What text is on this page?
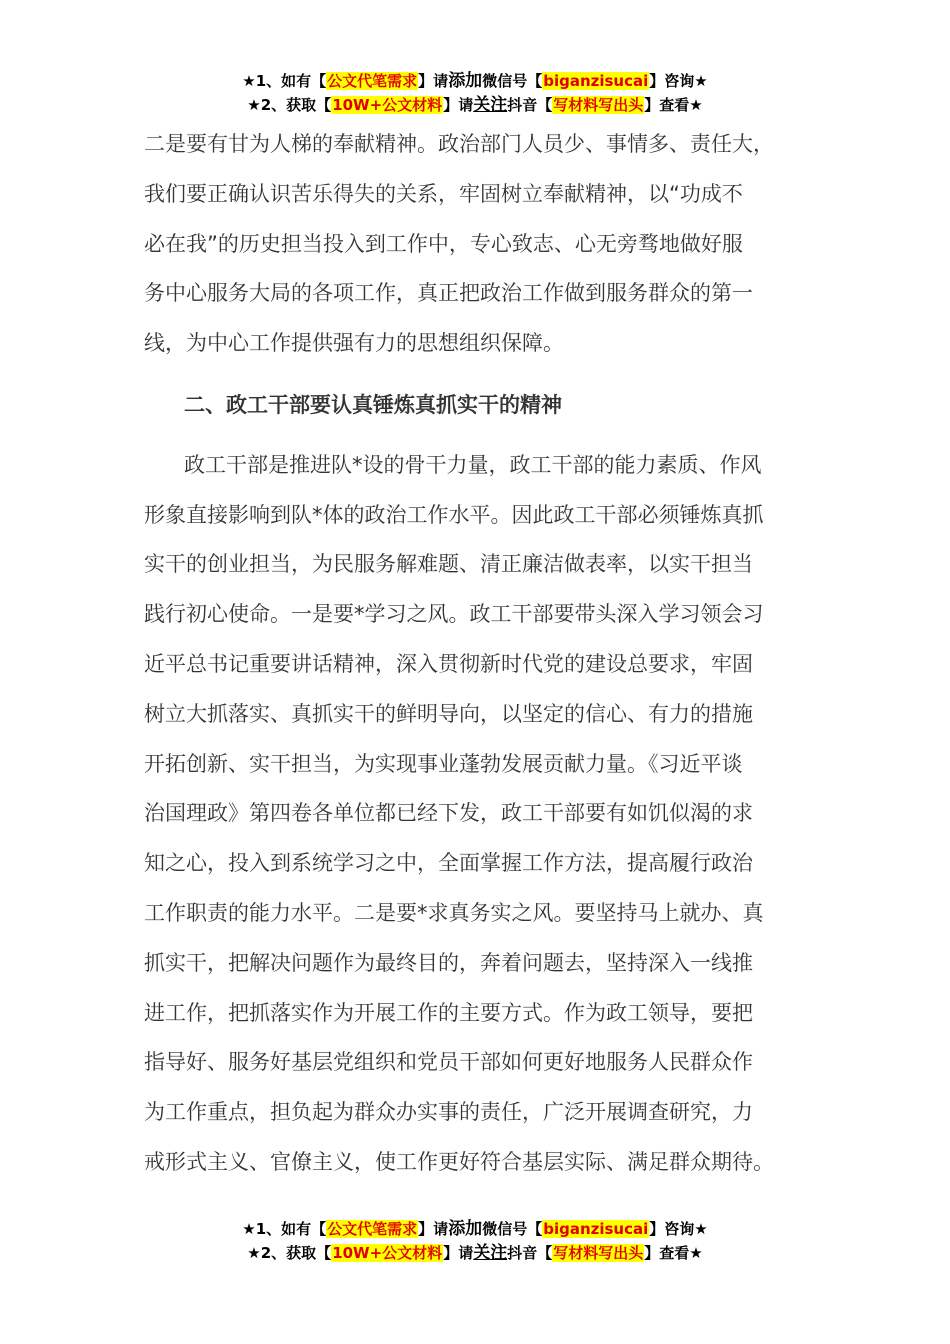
★1、如有【公文代笔需求】请添加微信号【biganzisucai】咨询★
★2、获取【10W+公文材料】请关注抖音【写材料写出头】查看★
二是要有甘为人梯的奉献精神。政治部门人员少、事情多、责任大，
我们要正确认识苦乐得失的关系，牢固树立奉献精神，以“功成不
必在我”的历史担当投入到工作中，专心致志、心无旁骛地做好服
务中心服务大局的各项工作，真正把政治工作做到服务群众的第一
线，为中心工作提供强有力的思想组织保障。
二、政工干部要认真锤炼真抓实干的精神
政工干部是推进队*设的骨干力量，政工干部的能力素质、作风
形象直接影响到队*体的政治工作水平。因此政工干部必须锤炼真抓
实干的创业担当，为民服务解难题、清正廉洁做表率，以实干担当
践行初心使命。一是要*学习之风。政工干部要带头深入学习领会习
近平总书记重要讲话精神，深入贯彻新时代党的建设总要求，牢固
树立大抓落实、真抓实干的鲜明导向，以坚定的信心、有力的措施
开拓创新、实干担当，为实现事业蓬勃发展贡献力量。《习近平谈
治国理政》第四卷各单位都已经下发，政工干部要有如饥似渴的求
知之心，投入到系统学习之中，全面掌握工作方法，提高履行政治
工作职责的能力水平。二是要*求真务实之风。要坚持马上就办、真
抓实干，把解决问题作为最终目的，奔着问题去，坚持深入一线推
进工作，把抓落实作为开展工作的主要方式。作为政工领导，要把
指导好、服务好基层党组织和党员干部如何更好地服务人民群众作
为工作重点，担负起为群众办实事的责任，广泛开展调查研究，力
戒形式主义、官僚主义，使工作更好符合基层实际、满足群众期待。
★1、如有【公文代笔需求】请添加微信号【biganzisucai】咨询★
★2、获取【10W+公文材料】请关注抖音【写材料写出头】查看★
